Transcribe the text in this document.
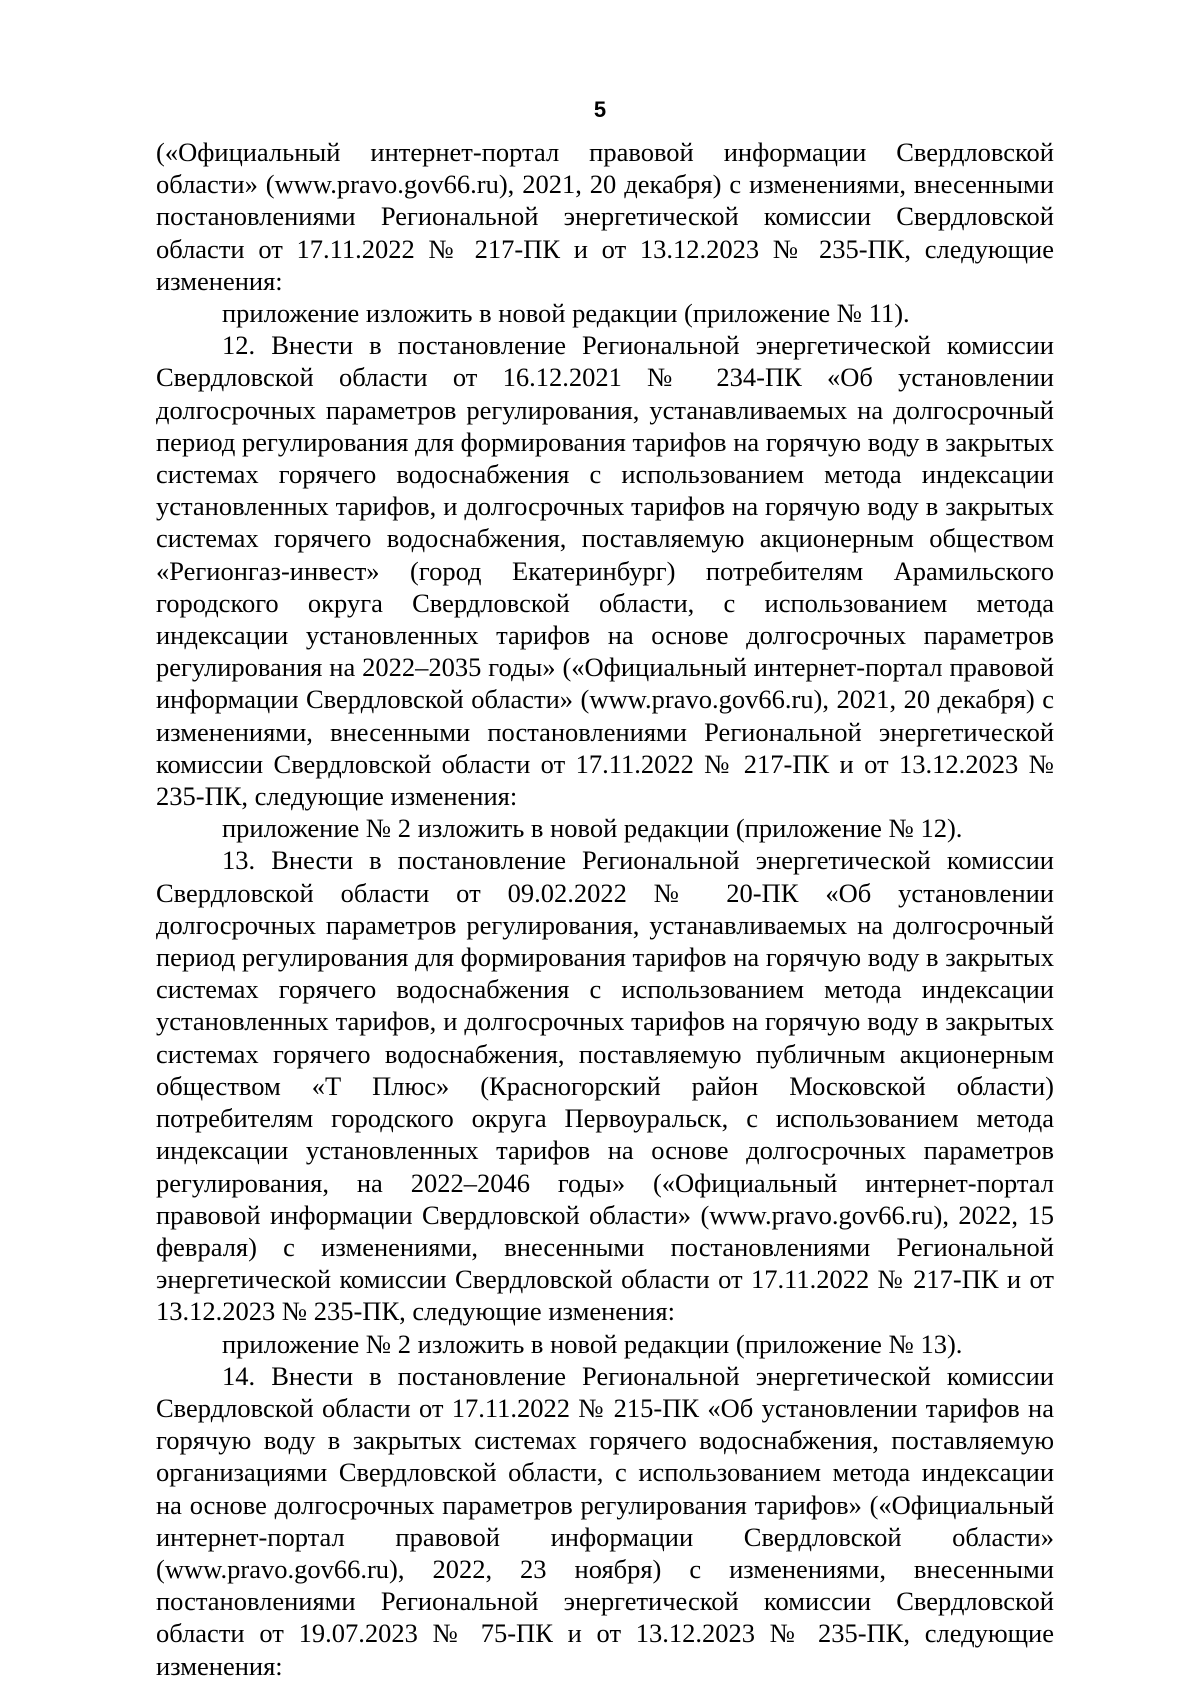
5

(«Официальный интернет-портал правовой информации Свердловской области» (www.pravo.gov66.ru), 2021, 20 декабря) с изменениями, внесенными постановлениями Региональной энергетической комиссии Свердловской области от 17.11.2022 № 217-ПК и от 13.12.2023 № 235-ПК, следующие изменения:

приложение изложить в новой редакции (приложение № 11).

12. Внести в постановление Региональной энергетической комиссии Свердловской области от 16.12.2021 № 234-ПК «Об установлении долгосрочных параметров регулирования, устанавливаемых на долгосрочный период регулирования для формирования тарифов на горячую воду в закрытых системах горячего водоснабжения с использованием метода индексации установленных тарифов, и долгосрочных тарифов на горячую воду в закрытых системах горячего водоснабжения, поставляемую акционерным обществом «Регионгаз-инвест» (город Екатеринбург) потребителям Арамильского городского округа Свердловской области, с использованием метода индексации установленных тарифов на основе долгосрочных параметров регулирования на 2022–2035 годы» («Официальный интернет-портал правовой информации Свердловской области» (www.pravo.gov66.ru), 2021, 20 декабря) с изменениями, внесенными постановлениями Региональной энергетической комиссии Свердловской области от 17.11.2022 № 217-ПК и от 13.12.2023 № 235-ПК, следующие изменения:

приложение № 2 изложить в новой редакции (приложение № 12).

13. Внести в постановление Региональной энергетической комиссии Свердловской области от 09.02.2022 № 20-ПК «Об установлении долгосрочных параметров регулирования, устанавливаемых на долгосрочный период регулирования для формирования тарифов на горячую воду в закрытых системах горячего водоснабжения с использованием метода индексации установленных тарифов, и долгосрочных тарифов на горячую воду в закрытых системах горячего водоснабжения, поставляемую публичным акционерным обществом «Т Плюс» (Красногорский район Московской области) потребителям городского округа Первоуральск, с использованием метода индексации установленных тарифов на основе долгосрочных параметров регулирования, на 2022–2046 годы» («Официальный интернет-портал правовой информации Свердловской области» (www.pravo.gov66.ru), 2022, 15 февраля) с изменениями, внесенными постановлениями Региональной энергетической комиссии Свердловской области от 17.11.2022 № 217-ПК и от 13.12.2023 № 235-ПК, следующие изменения:

приложение № 2 изложить в новой редакции (приложение № 13).

14. Внести в постановление Региональной энергетической комиссии Свердловской области от 17.11.2022 № 215-ПК «Об установлении тарифов на горячую воду в закрытых системах горячего водоснабжения, поставляемую организациями Свердловской области, с использованием метода индексации на основе долгосрочных параметров регулирования тарифов» («Официальный интернет-портал правовой информации Свердловской области» (www.pravo.gov66.ru), 2022, 23 ноября) с изменениями, внесенными постановлениями Региональной энергетической комиссии Свердловской области от 19.07.2023 № 75-ПК и от 13.12.2023 № 235-ПК, следующие изменения:
